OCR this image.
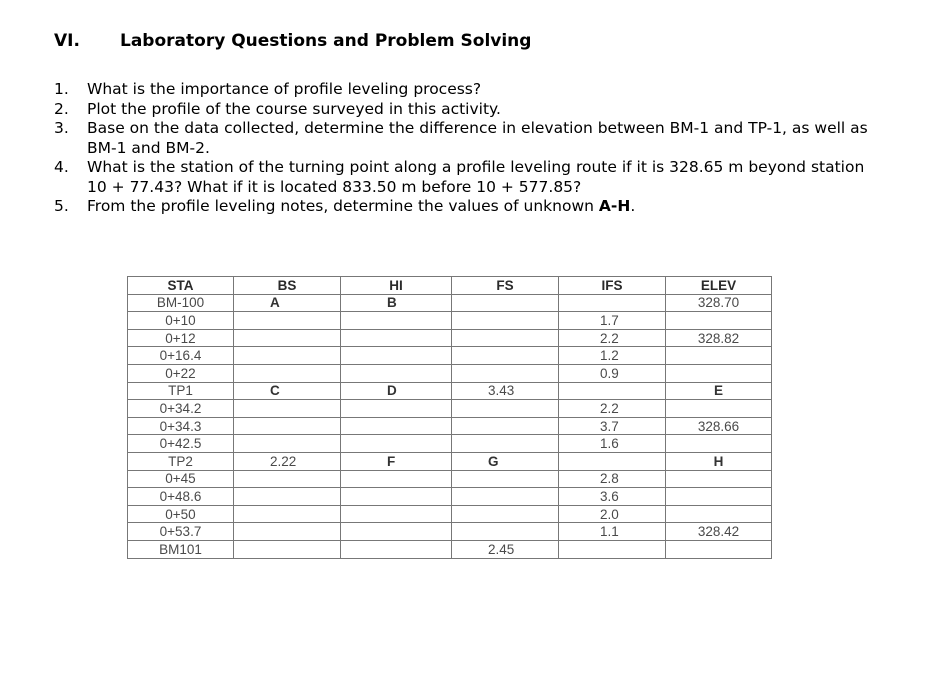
VI. Laboratory Questions and Problem Solving
1. What is the importance of profile leveling process?
2. Plot the profile of the course surveyed in this activity.
3. Base on the data collected, determine the difference in elevation between BM-1 and TP-1, as well as BM-1 and BM-2.
4. What is the station of the turning point along a profile leveling route if it is 328.65 m beyond station 10 + 77.43? What if it is located 833.50 m before 10 + 577.85?
5. From the profile leveling notes, determine the values of unknown A-H.
STA	BS	HI	FS	IFS	ELEV
BM-100	A	B			328.70
0+10				1.7	
0+12				2.2	328.82
0+16.4				1.2	
0+22				0.9	
TP1	C	D	3.43		E
0+34.2				2.2	
0+34.3				3.7	328.66
0+42.5				1.6	
TP2	2.22	F	G		H
0+45				2.8	
0+48.6				3.6	
0+50				2.0	
0+53.7				1.1	328.42
BM101			2.45		
